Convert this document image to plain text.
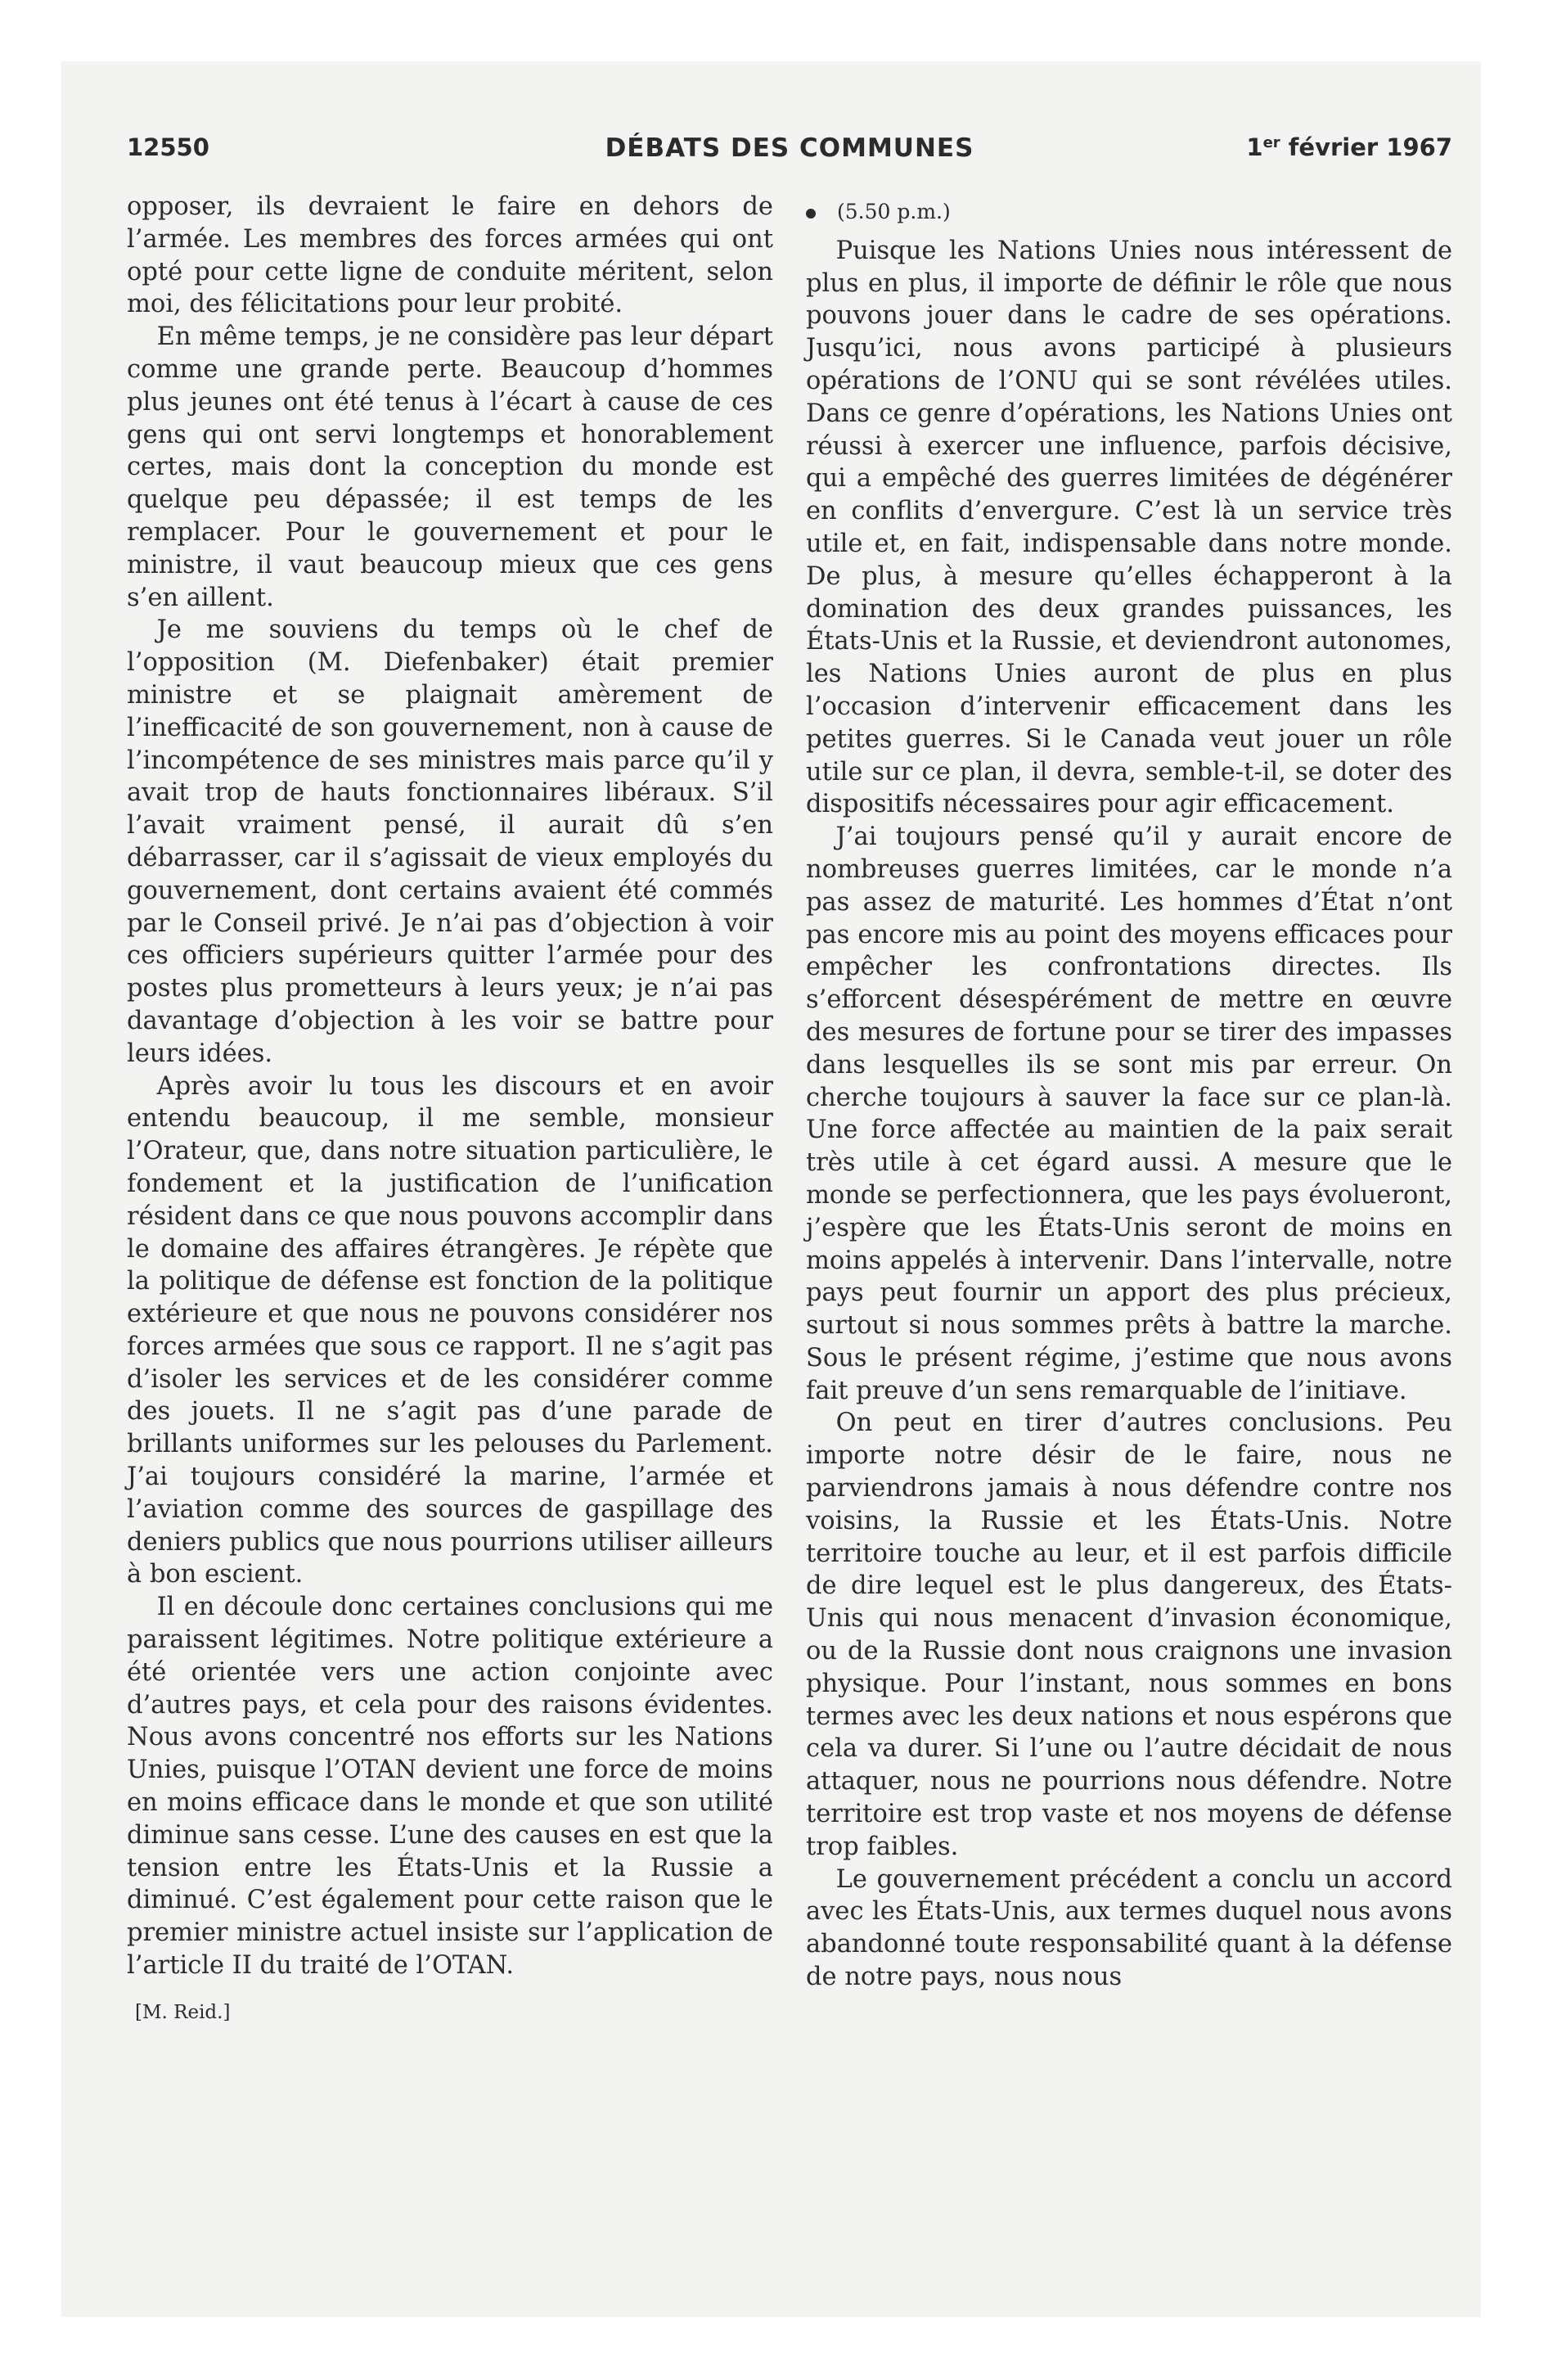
12550	DÉBATS DES COMMUNES	1er février 1967

opposer, ils devraient le faire en dehors de l’armée. Les membres des forces armées qui ont opté pour cette ligne de conduite méritent, selon moi, des félicitations pour leur probité.

En même temps, je ne considère pas leur départ comme une grande perte. Beaucoup d’hommes plus jeunes ont été tenus à l’écart à cause de ces gens qui ont servi longtemps et honorablement certes, mais dont la conception du monde est quelque peu dépassée; il est temps de les remplacer. Pour le gouvernement et pour le ministre, il vaut beaucoup mieux que ces gens s’en aillent.

Je me souviens du temps où le chef de l’opposition (M. Diefenbaker) était premier ministre et se plaignait amèrement de l’inefficacité de son gouvernement, non à cause de l’incompétence de ses ministres mais parce qu’il y avait trop de hauts fonctionnaires libéraux. S’il l’avait vraiment pensé, il aurait dû s’en débarrasser, car il s’agissait de vieux employés du gouvernement, dont certains avaient été commés par le Conseil privé. Je n’ai pas d’objection à voir ces officiers supérieurs quitter l’armée pour des postes plus prometteurs à leurs yeux; je n’ai pas davantage d’objection à les voir se battre pour leurs idées.

Après avoir lu tous les discours et en avoir entendu beaucoup, il me semble, monsieur l’Orateur, que, dans notre situation particulière, le fondement et la justification de l’unification résident dans ce que nous pouvons accomplir dans le domaine des affaires étrangères. Je répète que la politique de défense est fonction de la politique extérieure et que nous ne pouvons considérer nos forces armées que sous ce rapport. Il ne s’agit pas d’isoler les services et de les considérer comme des jouets. Il ne s’agit pas d’une parade de brillants uniformes sur les pelouses du Parlement. J’ai toujours considéré la marine, l’armée et l’aviation comme des sources de gaspillage des deniers publics que nous pourrions utiliser ailleurs à bon escient.

Il en découle donc certaines conclusions qui me paraissent légitimes. Notre politique extérieure a été orientée vers une action conjointe avec d’autres pays, et cela pour des raisons évidentes. Nous avons concentré nos efforts sur les Nations Unies, puisque l’OTAN devient une force de moins en moins efficace dans le monde et que son utilité diminue sans cesse. L’une des causes en est que la tension entre les États-Unis et la Russie a diminué. C’est également pour cette raison que le premier ministre actuel insiste sur l’application de l’article II du traité de l’OTAN.

[M. Reid.]
(5.50 p.m.)

Puisque les Nations Unies nous intéressent de plus en plus, il importe de définir le rôle que nous pouvons jouer dans le cadre de ses opérations. Jusqu’ici, nous avons participé à plusieurs opérations de l’ONU qui se sont révélées utiles. Dans ce genre d’opérations, les Nations Unies ont réussi à exercer une influence, parfois décisive, qui a empêché des guerres limitées de dégénérer en conflits d’envergure. C’est là un service très utile et, en fait, indispensable dans notre monde. De plus, à mesure qu’elles échapperont à la domination des deux grandes puissances, les États-Unis et la Russie, et deviendront autonomes, les Nations Unies auront de plus en plus l’occasion d’intervenir efficacement dans les petites guerres. Si le Canada veut jouer un rôle utile sur ce plan, il devra, semble-t-il, se doter des dispositifs nécessaires pour agir efficacement.

J’ai toujours pensé qu’il y aurait encore de nombreuses guerres limitées, car le monde n’a pas assez de maturité. Les hommes d’État n’ont pas encore mis au point des moyens efficaces pour empêcher les confrontations directes. Ils s’efforcent désespérément de mettre en œuvre des mesures de fortune pour se tirer des impasses dans lesquelles ils se sont mis par erreur. On cherche toujours à sauver la face sur ce plan-là. Une force affectée au maintien de la paix serait très utile à cet égard aussi. A mesure que le monde se perfectionnera, que les pays évolueront, j’espère que les États-Unis seront de moins en moins appelés à intervenir. Dans l’intervalle, notre pays peut fournir un apport des plus précieux, surtout si nous sommes prêts à battre la marche. Sous le présent régime, j’estime que nous avons fait preuve d’un sens remarquable de l’initiave.

On peut en tirer d’autres conclusions. Peu importe notre désir de le faire, nous ne parviendrons jamais à nous défendre contre nos voisins, la Russie et les États-Unis. Notre territoire touche au leur, et il est parfois difficile de dire lequel est le plus dangereux, des États-Unis qui nous menacent d’invasion économique, ou de la Russie dont nous craignons une invasion physique. Pour l’instant, nous sommes en bons termes avec les deux nations et nous espérons que cela va durer. Si l’une ou l’autre décidait de nous attaquer, nous ne pourrions nous défendre. Notre territoire est trop vaste et nos moyens de défense trop faibles.

Le gouvernement précédent a conclu un accord avec les États-Unis, aux termes duquel nous avons abandonné toute responsabilité quant à la défense de notre pays, nous nous
